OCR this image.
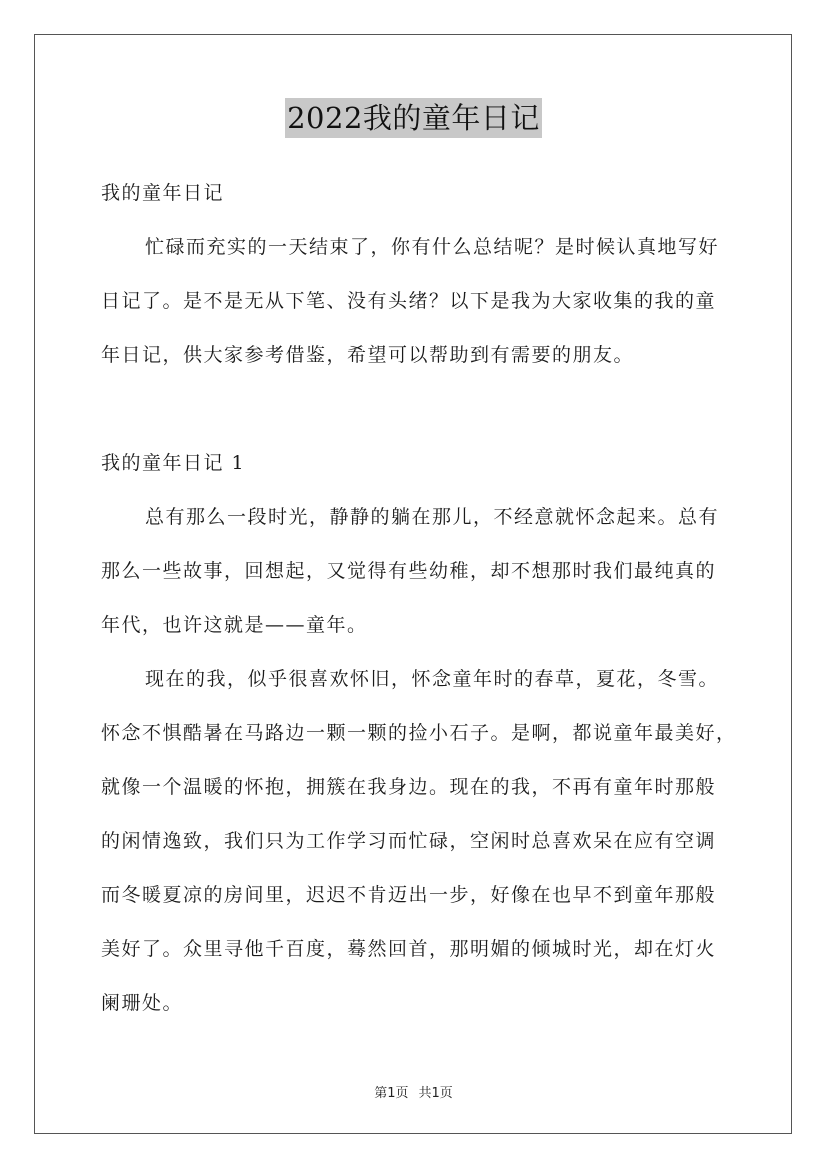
2022我的童年日记
我的童年日记
忙碌而充实的一天结束了，你有什么总结呢？是时候认真地写好
日记了。是不是无从下笔、没有头绪？以下是我为大家收集的我的童
年日记，供大家参考借鉴，希望可以帮助到有需要的朋友。
我的童年日记 1
总有那么一段时光，静静的躺在那儿，不经意就怀念起来。总有
那么一些故事，回想起，又觉得有些幼稚，却不想那时我们最纯真的
年代，也许这就是——童年。
现在的我，似乎很喜欢怀旧，怀念童年时的春草，夏花，冬雪。
怀念不惧酷暑在马路边一颗一颗的捡小石子。是啊，都说童年最美好，
就像一个温暖的怀抱，拥簇在我身边。现在的我，不再有童年时那般
的闲情逸致，我们只为工作学习而忙碌，空闲时总喜欢呆在应有空调
而冬暖夏凉的房间里，迟迟不肯迈出一步，好像在也早不到童年那般
美好了。众里寻他千百度，蓦然回首，那明媚的倾城时光，却在灯火
阑珊处。
第1页 共1页
